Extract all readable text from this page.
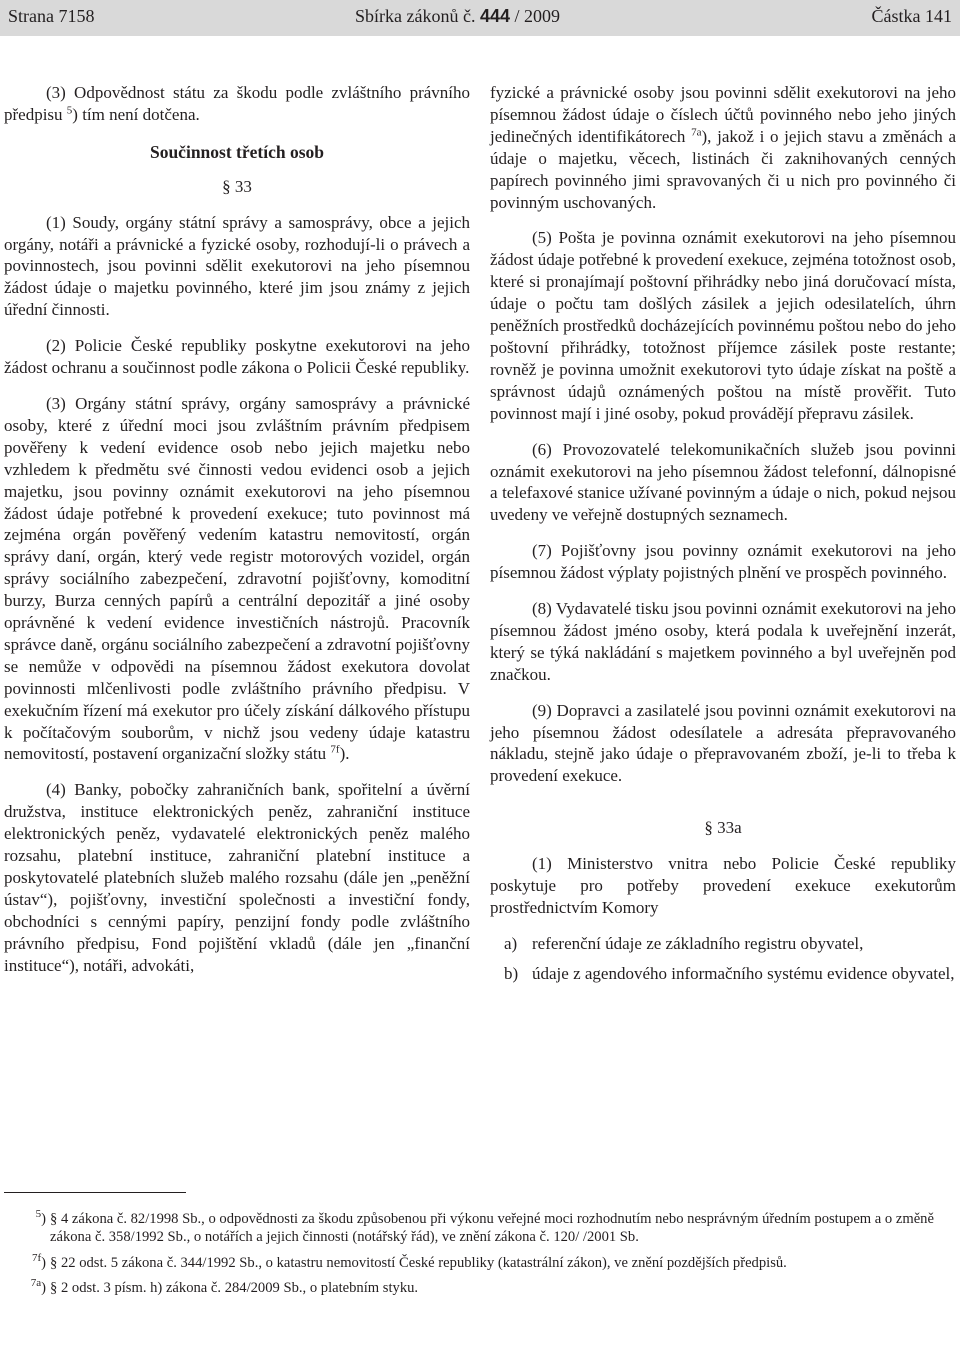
Strana 7158	Sbírka zákonů č. 444 / 2009	Částka 141

(3) Odpovědnost státu za škodu podle zvláštního právního předpisu $^5$) tím není dotčena.

Součinnost třetích osob
§ 33

(1) Soudy, orgány státní správy a samosprávy, obce a jejich orgány, notáři a právnické a fyzické osoby, rozhodují-li o právech a povinnostech, jsou povinni sdělit exekutorovi na jeho písemnou žádost údaje o majetku povinného, které jim jsou známy z jejich úřední činnosti.

(2) Policie České republiky poskytne exekutorovi na jeho žádost ochranu a součinnost podle zákona o Policii České republiky.

(3) Orgány státní správy, orgány samosprávy a právnické osoby, které z úřední moci jsou zvláštním právním předpisem pověřeny k vedení evidence osob nebo jejich majetku nebo vzhledem k předmětu své činnosti vedou evidenci osob a jejich majetku, jsou povinny oznámit exekutorovi na jeho písemnou žádost údaje potřebné k provedení exekuce; tuto povinnost má zejména orgán pověřený vedením katastru nemovitostí, orgán správy daní, orgán, který vede registr motorových vozidel, orgán správy sociálního zabezpečení, zdravotní pojišťovny, komoditní burzy, Burza cenných papírů a centrální depozitář a jiné osoby oprávněné k vedení evidence investičních nástrojů. Pracovník správce daně, orgánu sociálního zabezpečení a zdravotní pojišťovny se nemůže v odpovědi na písemnou žádost exekutora dovolat povinnosti mlčenlivosti podle zvláštního právního předpisu. V exekučním řízení má exekutor pro účely získání dálkového přístupu k počítačovým souborům, v nichž jsou vedeny údaje katastru nemovitostí, postavení organizační složky státu $^{7f}$).

(4) Banky, pobočky zahraničních bank, spořitelní a úvěrní družstva, instituce elektronických peněz, zahraniční instituce elektronických peněz, vydavatelé elektronických peněz malého rozsahu, platební instituce, zahraniční platební instituce a poskytovatelé platebních služeb malého rozsahu (dále jen „peněžní ústav“), pojišťovny, investiční společnosti a investiční fondy, obchodníci s cennými papíry, penzijní fondy podle zvláštního právního předpisu, Fond pojištění vkladů (dále jen „finanční instituce“), notáři, advokáti,

fyzické a právnické osoby jsou povinni sdělit exekutorovi na jeho písemnou žádost údaje o číslech účtů povinného nebo jeho jiných jedinečných identifikátorech $^{7a}$), jakož i o jejich stavu a změnách a údaje o majetku, věcech, listinách či zaknihovaných cenných papírech povinného jimi spravovaných či u nich pro povinného či povinným uschovaných.

(5) Pošta je povinna oznámit exekutorovi na jeho písemnou žádost údaje potřebné k provedení exekuce, zejména totožnost osob, které si pronajímají poštovní přihrádky nebo jiná doručovací místa, údaje o počtu tam došlých zásilek a jejich odesilatelích, úhrn peněžních prostředků docházejících povinnému poštou nebo do jeho poštovní přihrádky, totožnost příjemce zásilek poste restante; rovněž je povinna umožnit exekutorovi tyto údaje získat na poště a správnost údajů oznámených poštou na místě prověřit. Tuto povinnost mají i jiné osoby, pokud provádějí přepravu zásilek.

(6) Provozovatelé telekomunikačních služeb jsou povinni oznámit exekutorovi na jeho písemnou žádost telefonní, dálnopisné a telefaxové stanice užívané povinným a údaje o nich, pokud nejsou uvedeny ve veřejně dostupných seznamech.

(7) Pojišťovny jsou povinny oznámit exekutorovi na jeho písemnou žádost výplaty pojistných plnění ve prospěch povinného.

(8) Vydavatelé tisku jsou povinni oznámit exekutorovi na jeho písemnou žádost jméno osoby, která podala k uveřejnění inzerát, který se týká nakládání s majetkem povinného a byl uveřejněn pod značkou.

(9) Dopravci a zasilatelé jsou povinni oznámit exekutorovi na jeho písemnou žádost odesílatele a adresáta přepravovaného nákladu, stejně jako údaje o přepravovaném zboží, je-li to třeba k provedení exekuce.

§ 33a

(1) Ministerstvo vnitra nebo Policie České republiky poskytuje pro potřeby provedení exekuce exekutorům prostřednictvím Komory

a) referenční údaje ze základního registru obyvatel,
b) údaje z agendového informačního systému evidence obyvatel,
$^5$) § 4 zákona č. 82/1998 Sb., o odpovědnosti za škodu způsobenou při výkonu veřejné moci rozhodnutím nebo nesprávným úředním postupem a o změně zákona č. 358/1992 Sb., o notářích a jejich činnosti (notářský řád), ve znění zákona č. 120/ /2001 Sb.
$^{7f}$) § 22 odst. 5 zákona č. 344/1992 Sb., o katastru nemovitostí České republiky (katastrální zákon), ve znění pozdějších předpisů.
$^{7a}$) § 2 odst. 3 písm. h) zákona č. 284/2009 Sb., o platebním styku.
